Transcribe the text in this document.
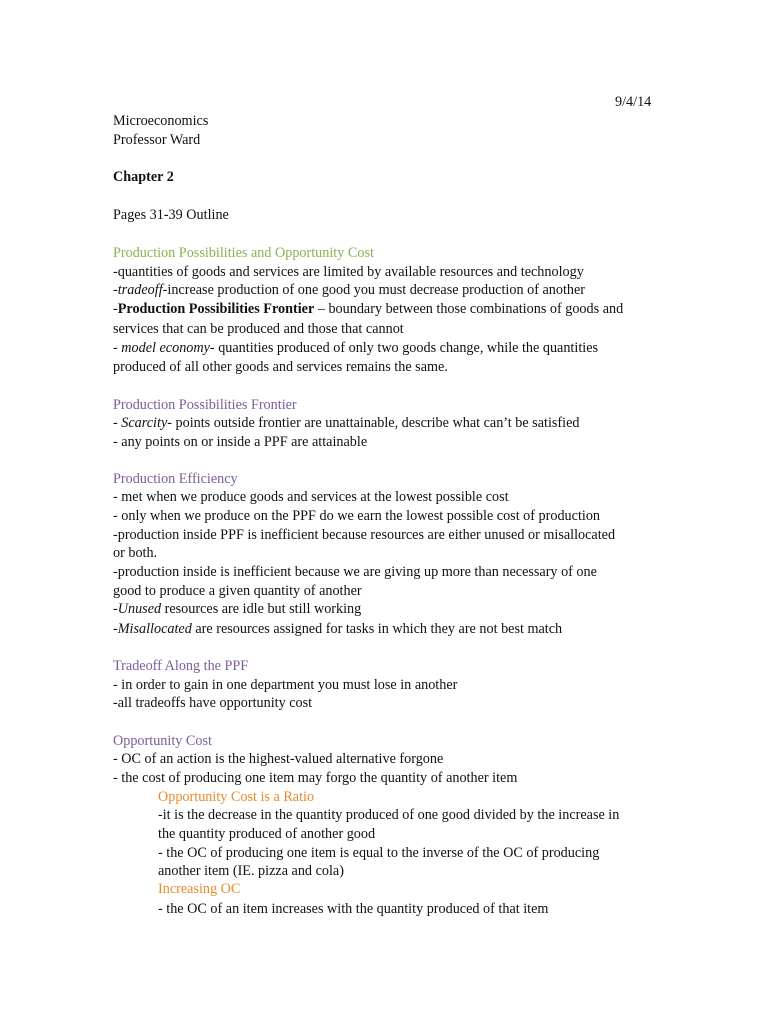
9/4/14
Microeconomics
Professor Ward
Chapter 2
Pages 31-39 Outline
Production Possibilities and Opportunity Cost
-quantities of goods and services are limited by available resources and technology
-tradeoff-increase production of one good you must decrease production of another
-Production Possibilities Frontier – boundary between those combinations of goods and
services that can be produced and those that cannot
- model economy- quantities produced of only two goods change, while the quantities
produced of all other goods and services remains the same.
Production Possibilities Frontier
- Scarcity- points outside frontier are unattainable, describe what can’t be satisfied
- any points on or inside a PPF are attainable
Production Efficiency
- met when we produce goods and services at the lowest possible cost
- only when we produce on the PPF do we earn the lowest possible cost of production
-production inside PPF is inefficient because resources are either unused or misallocated
or both.
-production inside is inefficient because we are giving up more than necessary of one
good to produce a given quantity of another
-Unused resources are idle but still working
-Misallocated are resources assigned for tasks in which they are not best match
Tradeoff Along the PPF
- in order to gain in one department you must lose in another
-all tradeoffs have opportunity cost
Opportunity Cost
- OC of an action is the highest-valued alternative forgone
- the cost of producing one item may forgo the quantity of another item
Opportunity Cost is a Ratio
-it is the decrease in the quantity produced of one good divided by the increase in
the quantity produced of another good
- the OC of producing one item is equal to the inverse of the OC of producing
another item (IE. pizza and cola)
Increasing OC
- the OC of an item increases with the quantity produced of that item
